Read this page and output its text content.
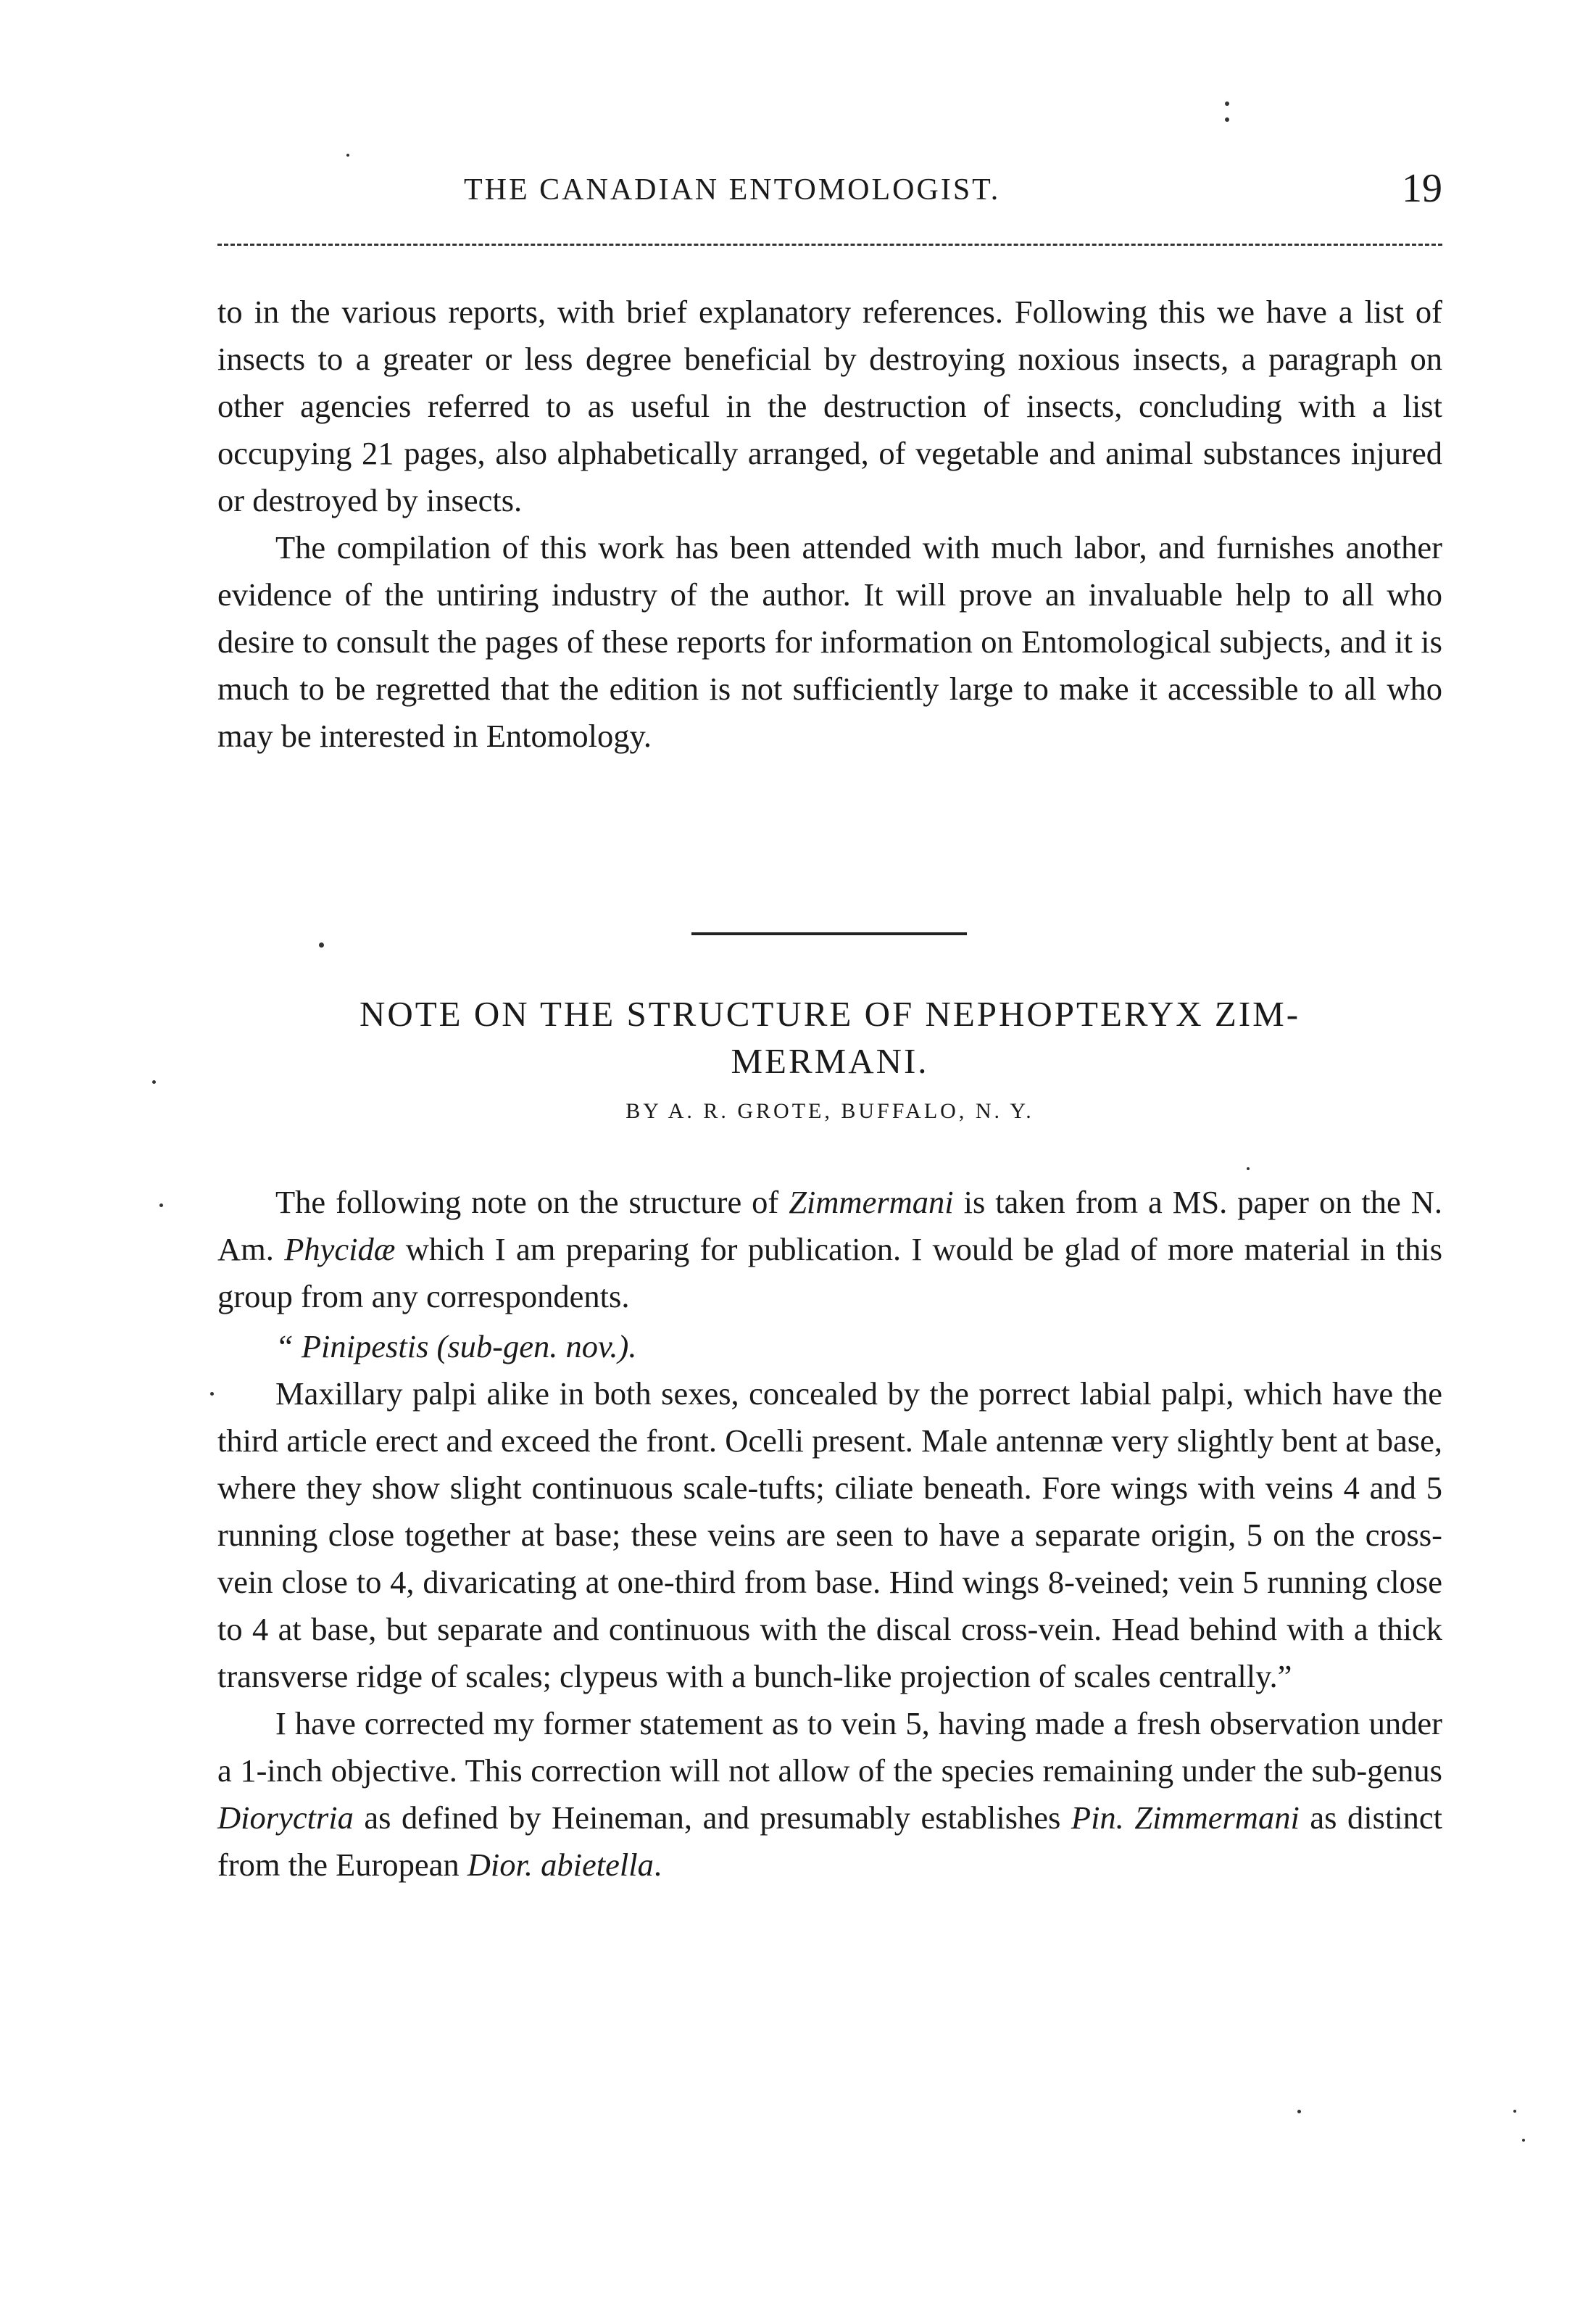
THE CANADIAN ENTOMOLOGIST.	19

to in the various reports, with brief explanatory references. Following this we have a list of insects to a greater or less degree beneficial by destroying noxious insects, a paragraph on other agencies referred to as useful in the destruction of insects, concluding with a list occupying 21 pages, also alphabetically arranged, of vegetable and animal substances injured or destroyed by insects.

The compilation of this work has been attended with much labor, and furnishes another evidence of the untiring industry of the author. It will prove an invaluable help to all who desire to consult the pages of these reports for information on Entomological subjects, and it is much to be regretted that the edition is not sufficiently large to make it accessible to all who may be interested in Entomology.

NOTE ON THE STRUCTURE OF NEPHOPTERYX ZIM-
MERMANI.
BY A. R. GROTE, BUFFALO, N. Y.

The following note on the structure of Zimmermani is taken from a MS. paper on the N. Am. Phycidæ which I am preparing for publication. I would be glad of more material in this group from any correspondents.

“ Pinipestis (sub-gen. nov.).

Maxillary palpi alike in both sexes, concealed by the porrect labial palpi, which have the third article erect and exceed the front. Ocelli present. Male antennæ very slightly bent at base, where they show slight continuous scale-tufts; ciliate beneath. Fore wings with veins 4 and 5 running close together at base; these veins are seen to have a separate origin, 5 on the cross-vein close to 4, divaricating at one-third from base. Hind wings 8-veined; vein 5 running close to 4 at base, but separate and continuous with the discal cross-vein. Head behind with a thick transverse ridge of scales; clypeus with a bunch-like projection of scales centrally.”

I have corrected my former statement as to vein 5, having made a fresh observation under a 1-inch objective. This correction will not allow of the species remaining under the sub-genus Dioryctria as defined by Heineman, and presumably establishes Pin. Zimmermani as distinct from the European Dior. abietella.
